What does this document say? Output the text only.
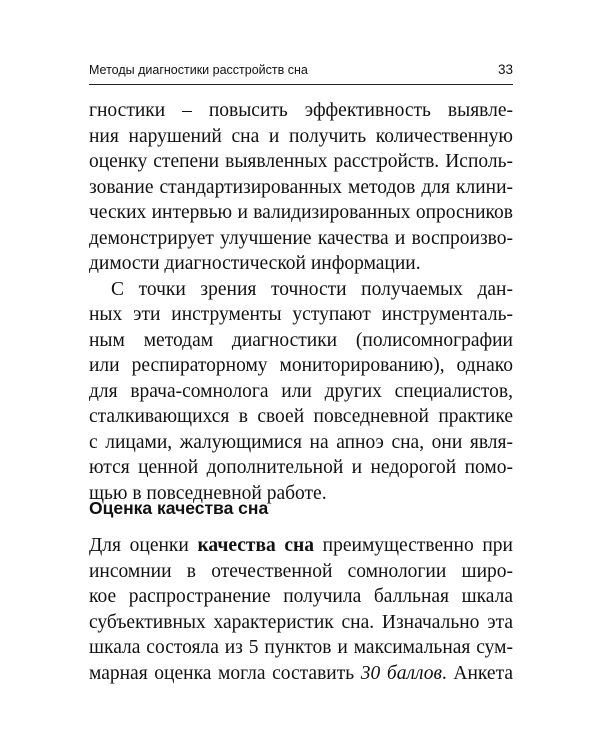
Методы диагностики расстройств сна	33
гностики – повысить эффективность выявле-
ния нарушений сна и получить количественную
оценку степени выявленных расстройств. Исполь-
зование стандартизированных методов для клини-
ческих интервью и валидизированных опросников
демонстрирует улучшение качества и воспроизво-
димости диагностической информации.
С точки зрения точности получаемых дан-
ных эти инструменты уступают инструменталь-
ным методам диагностики (полисомнографии
или респираторному мониторированию), однако
для врача-сомнолога или других специалистов,
сталкивающихся в своей повседневной практике
с лицами, жалующимися на апноэ сна, они явля-
ются ценной дополнительной и недорогой помо-
щью в повседневной работе.
Оценка качества сна
Для оценки качества сна преимущественно при
инсомнии в отечественной сомнологии широ-
кое распространение получила балльная шкала
субъективных характеристик сна. Изначально эта
шкала состояла из 5 пунктов и максимальная сум-
марная оценка могла составить 30 баллов. Анкета
